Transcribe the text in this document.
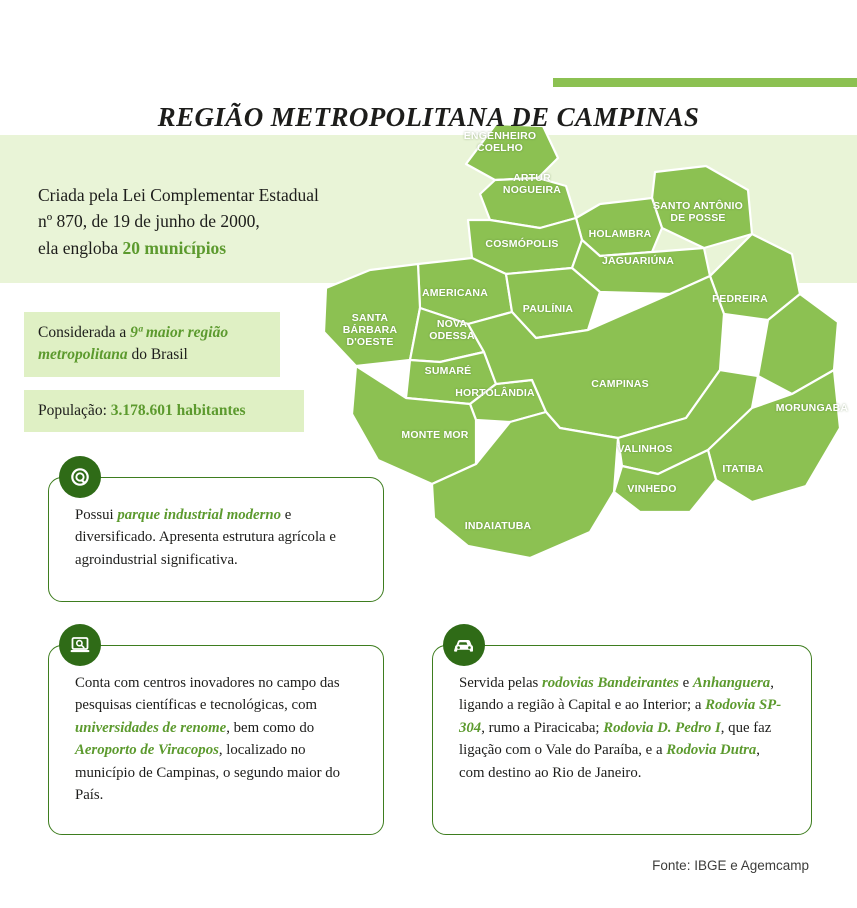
REGIÃO METROPOLITANA DE CAMPINAS
Criada pela Lei Complementar Estadual
nº 870, de 19 de junho de 2000,
ela engloba 20 municípios
Considerada a 9ª maior região metropolitana do Brasil
População: 3.178.601 habitantes
ENGENHEIRO
COELHO
ARTUR
NOGUEIRA
SANTO ANTÔNIO
DE POSSE
HOLAMBRA
COSMÓPOLIS
JAGUARIÚNA
AMERICANA	PEDREIRA
PAULÍNIA
SANTA
BÁRBARA
D'OESTE
NOVA
ODESSA
SUMARÉ
CAMPINAS
HORTOLÂNDIA
MORUNGABA
MONTE MOR
VALINHOS
ITATIBA
VINHEDO
INDAIATUBA
Possui parque industrial moderno e diversificado. Apresenta estrutura agrícola e agroindustrial significativa.
Conta com centros inovadores no campo das pesquisas científicas e tecnológicas, com universidades de renome, bem como do Aeroporto de Viracopos, localizado no município de Campinas, o segundo maior do País.
Servida pelas rodovias Bandeirantes e Anhanguera, ligando a região à Capital e ao Interior; a Rodovia SP-304, rumo a Piracicaba; Rodovia D. Pedro I, que faz ligação com o Vale do Paraíba, e a Rodovia Dutra, com destino ao Rio de Janeiro.
Fonte: IBGE e Agemcamp
